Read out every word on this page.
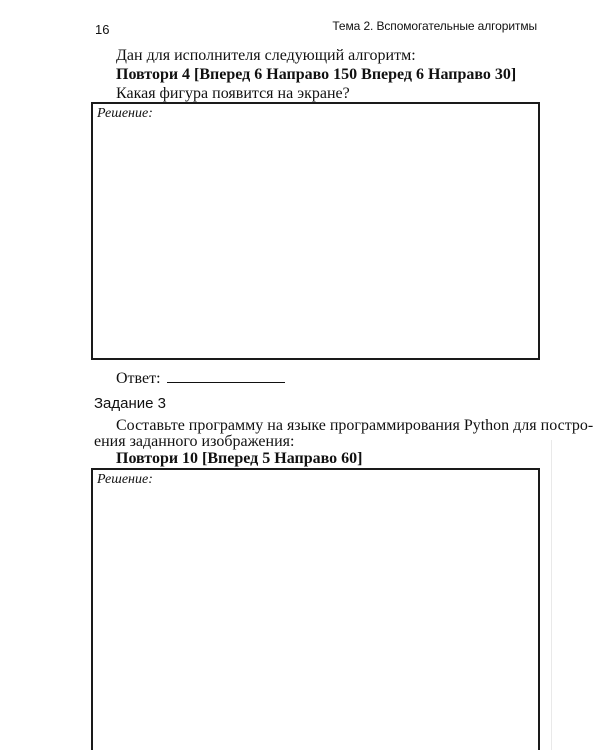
16	Тема 2. Вспомогательные алгоритмы
Дан для исполнителя следующий алгоритм:
Повтори 4 [Вперед 6 Направо 150 Вперед 6 Направо 30]
Какая фигура появится на экране?
Решение:
Ответ:
Задание 3
Составьте программу на языке программирования Python для постро-
ения заданного изображения:
Повтори 10 [Вперед 5 Направо 60]
Решение:
